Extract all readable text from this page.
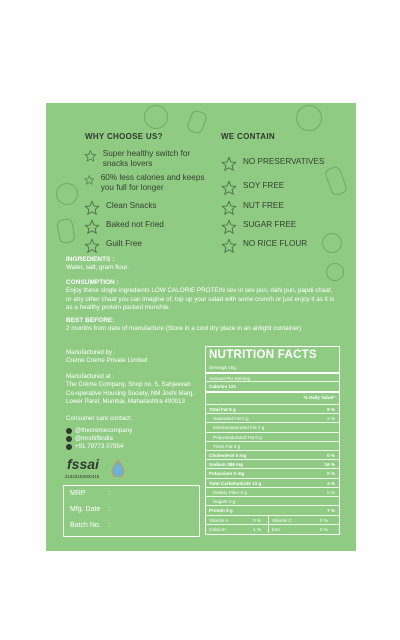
WHY CHOOSE US?	WE CONTAIN
Super healthy switch for snacks lovers
60% less calories and keeps you full for longer
Clean Snacks
Baked not Fried
Guilt Free
NO PRESERVATIVES
SOY FREE
NUT FREE
SUGAR FREE
NO RICE FLOUR
INGREDIENTS :
Water, salt, gram flour.
CONSUMPTION :
Enjoy these single ingredients LOW CALORIE PROTEIN sev in sev puri, dahi puri, papdi chaat, or any other chaat you can imagine of; top up your salad with some crunch or just enjoy it as it is as a healthy protein packed munchie.
BEST BEFORE:
2 months from date of manufacture (Store in a cool dry place in an airtight container)
Manufactured by :
Creme Creme Private Limited
Manufactured at :
The Crème Company, Shop no. 5, Sahjeevan Co-operative Housing Society, NM Joshi Marg, Lower Parel, Mumbai, Maharashtra 400013
Consumer care contact:
@thecremecompany
@mrshiftindia
+91 79773 07954
fssai
21523153000415
MRP	:
Mfg. Date :
Batch No. :
NUTRITION FACTS
Servings 15g
Amount Per Serving
Calories 121
% Daily Value*
Total Fat 5 g	8 %
Saturated Fat 0 g	2 %
Monounsaturated Fat 2 g
Polyunsaturated Fat 0 g
Trans Fat 0 g
Cholesterol 0 mg	0 %
Sodium 386 mg	16 %
Potassium 0 mg	0 %
Total Carbohydrate 13 g	4 %
Dietary Fiber 0 g	0 %
Sugars 0 g
Protein 5 g	7 %
Vitamin A	0 % Vitamin C	0 %
Calcium	1 % Iron	0 %
